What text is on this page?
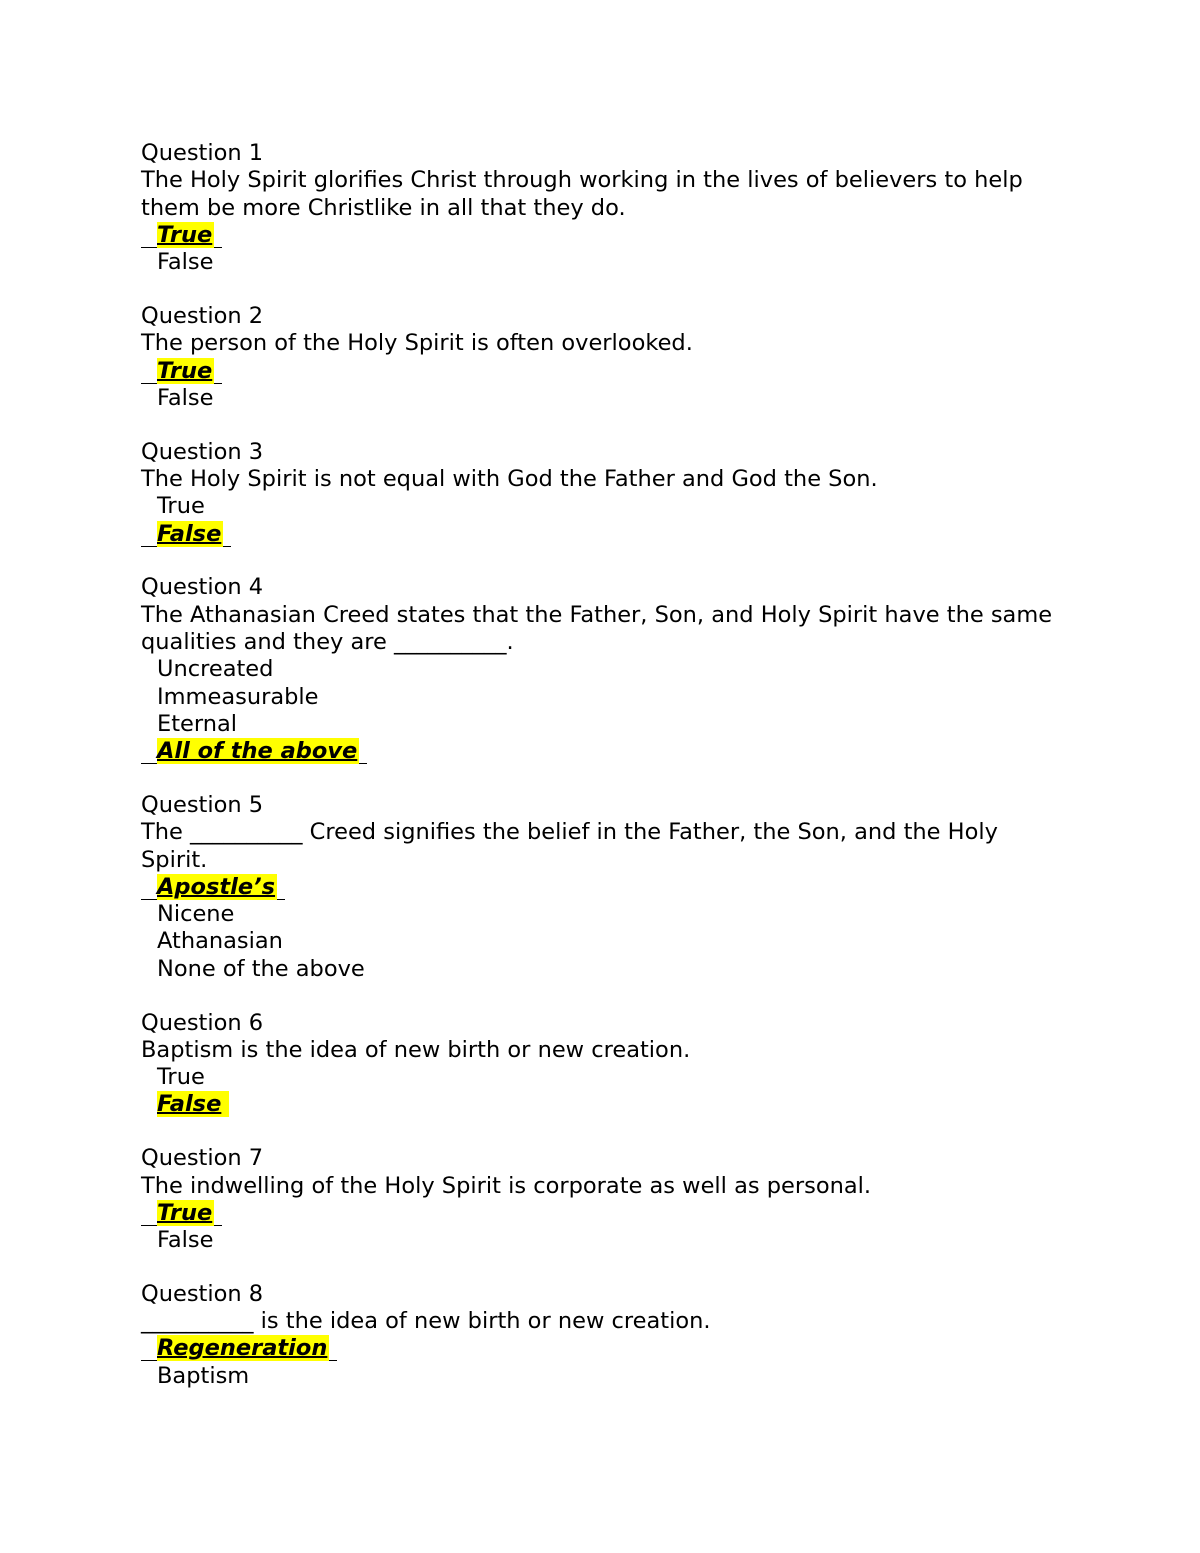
Question 1
The Holy Spirit glorifies Christ through working in the lives of believers to help them be more Christlike in all that they do.
True
False
Question 2
The person of the Holy Spirit is often overlooked.
True
False
Question 3
The Holy Spirit is not equal with God the Father and God the Son.
True
False
Question 4
The Athanasian Creed states that the Father, Son, and Holy Spirit have the same qualities and they are __________.
Uncreated
Immeasurable
Eternal
All of the above
Question 5
The __________ Creed signifies the belief in the Father, the Son, and the Holy Spirit.
Apostle’s
Nicene
Athanasian
None of the above
Question 6
Baptism is the idea of new birth or new creation.
True
False
Question 7
The indwelling of the Holy Spirit is corporate as well as personal.
True
False
Question 8
__________ is the idea of new birth or new creation.
Regeneration
Baptism
